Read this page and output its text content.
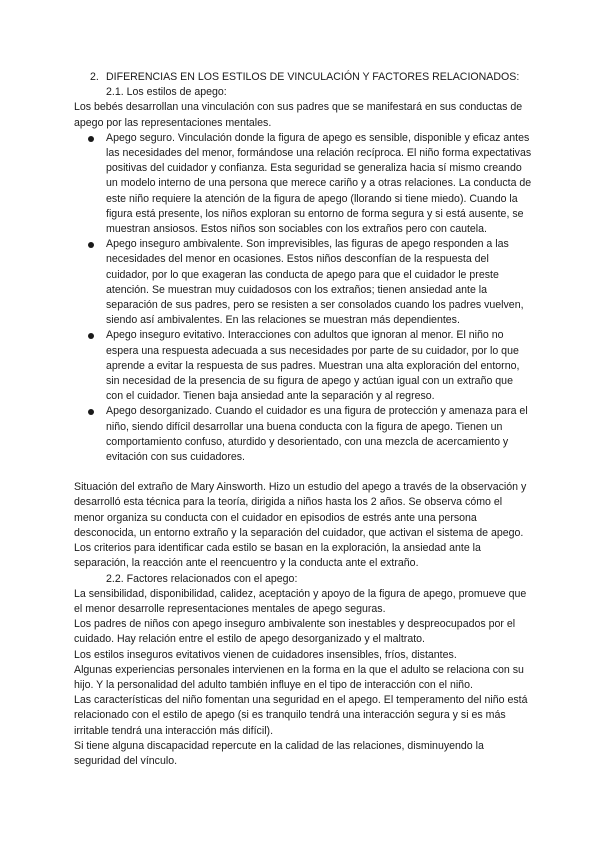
2. DIFERENCIAS EN LOS ESTILOS DE VINCULACIÓN Y FACTORES RELACIONADOS:

2.1. Los estilos de apego:

Los bebés desarrollan una vinculación con sus padres que se manifestará en sus conductas de apego por las representaciones mentales.

Apego seguro. Vinculación donde la figura de apego es sensible, disponible y eficaz antes las necesidades del menor, formándose una relación recíproca. El niño forma expectativas positivas del cuidador y confianza. Esta seguridad se generaliza hacia sí mismo creando un modelo interno de una persona que merece cariño y a otras relaciones. La conducta de este niño requiere la atención de la figura de apego (llorando si tiene miedo). Cuando la figura está presente, los niños exploran su entorno de forma segura y si está ausente, se muestran ansiosos. Estos niños son sociables con los extraños pero con cautela.
Apego inseguro ambivalente. Son imprevisibles, las figuras de apego responden a las necesidades del menor en ocasiones. Estos niños desconfían de la respuesta del cuidador, por lo que exageran las conducta de apego para que el cuidador le preste atención. Se muestran muy cuidadosos con los extraños; tienen ansiedad ante la separación de sus padres, pero se resisten a ser consolados cuando los padres vuelven, siendo así ambivalentes. En las relaciones se muestran más dependientes.
Apego inseguro evitativo. Interacciones con adultos que ignoran al menor. El niño no espera una respuesta adecuada a sus necesidades por parte de su cuidador, por lo que aprende a evitar la respuesta de sus padres. Muestran una alta exploración del entorno, sin necesidad de la presencia de su figura de apego y actúan igual con un extraño que con el cuidador. Tienen baja ansiedad ante la separación y al regreso.
Apego desorganizado. Cuando el cuidador es una figura de protección y amenaza para el niño, siendo difícil desarrollar una buena conducta con la figura de apego. Tienen un comportamiento confuso, aturdido y desorientado, con una mezcla de acercamiento y evitación con sus cuidadores.

Situación del extraño de Mary Ainsworth. Hizo un estudio del apego a través de la observación y desarrolló esta técnica para la teoría, dirigida a niños hasta los 2 años. Se observa cómo el menor organiza su conducta con el cuidador en episodios de estrés ante una persona desconocida, un entorno extraño y la separación del cuidador, que activan el sistema de apego. Los criterios para identificar cada estilo se basan en la exploración, la ansiedad ante la separación, la reacción ante el reencuentro y la conducta ante el extraño.

2.2. Factores relacionados con el apego:

La sensibilidad, disponibilidad, calidez, aceptación y apoyo de la figura de apego, promueve que el menor desarrolle representaciones mentales de apego seguras.

Los padres de niños con apego inseguro ambivalente son inestables y despreocupados por el cuidado. Hay relación entre el estilo de apego desorganizado y el maltrato.

Los estilos inseguros evitativos vienen de cuidadores insensibles, fríos, distantes.

Algunas experiencias personales intervienen en la forma en la que el adulto se relaciona con su hijo. Y la personalidad del adulto también influye en el tipo de interacción con el niño.

Las características del niño fomentan una seguridad en el apego. El temperamento del niño está relacionado con el estilo de apego (si es tranquilo tendrá una interacción segura y si es más irritable tendrá una interacción más difícil).

Si tiene alguna discapacidad repercute en la calidad de las relaciones, disminuyendo la seguridad del vínculo.
